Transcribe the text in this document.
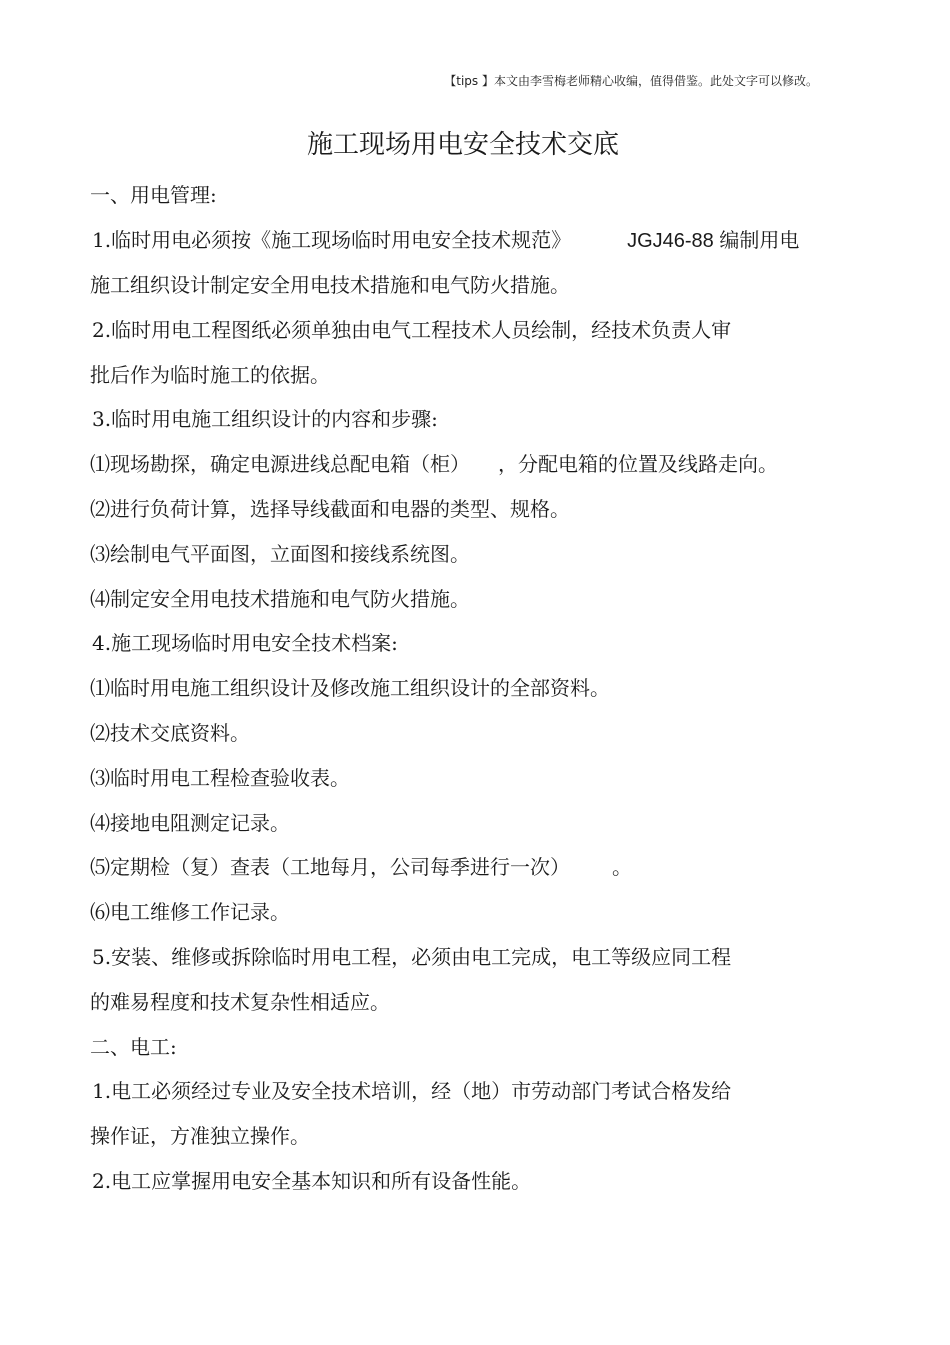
【tips 】本文由李雪梅老师精心收编，值得借鉴。此处文字可以修改。
施工现场用电安全技术交底
一、用电管理:
1.临时用电必须按《施工现场临时用电安全技术规范》	JGJ46-88 编制用电
施工组织设计制定安全用电技术措施和电气防火措施。
2.临时用电工程图纸必须单独由电气工程技术人员绘制，经技术负责人审
批后作为临时施工的依据。
3.临时用电施工组织设计的内容和步骤:
⑴现场勘探，确定电源进线总配电箱（柜） ，分配电箱的位置及线路走向。
⑵进行负荷计算，选择导线截面和电器的类型、规格。
⑶绘制电气平面图，立面图和接线系统图。
⑷制定安全用电技术措施和电气防火措施。
4.施工现场临时用电安全技术档案:
⑴临时用电施工组织设计及修改施工组织设计的全部资料。
⑵技术交底资料。
⑶临时用电工程检查验收表。
⑷接地电阻测定记录。
⑸定期检（复）查表（工地每月，公司每季进行一次） 。
⑹电工维修工作记录。
5.安装、维修或拆除临时用电工程，必须由电工完成，电工等级应同工程
的难易程度和技术复杂性相适应。
二、电工:
1.电工必须经过专业及安全技术培训，经（地）市劳动部门考试合格发给
操作证，方准独立操作。
2.电工应掌握用电安全基本知识和所有设备性能。
